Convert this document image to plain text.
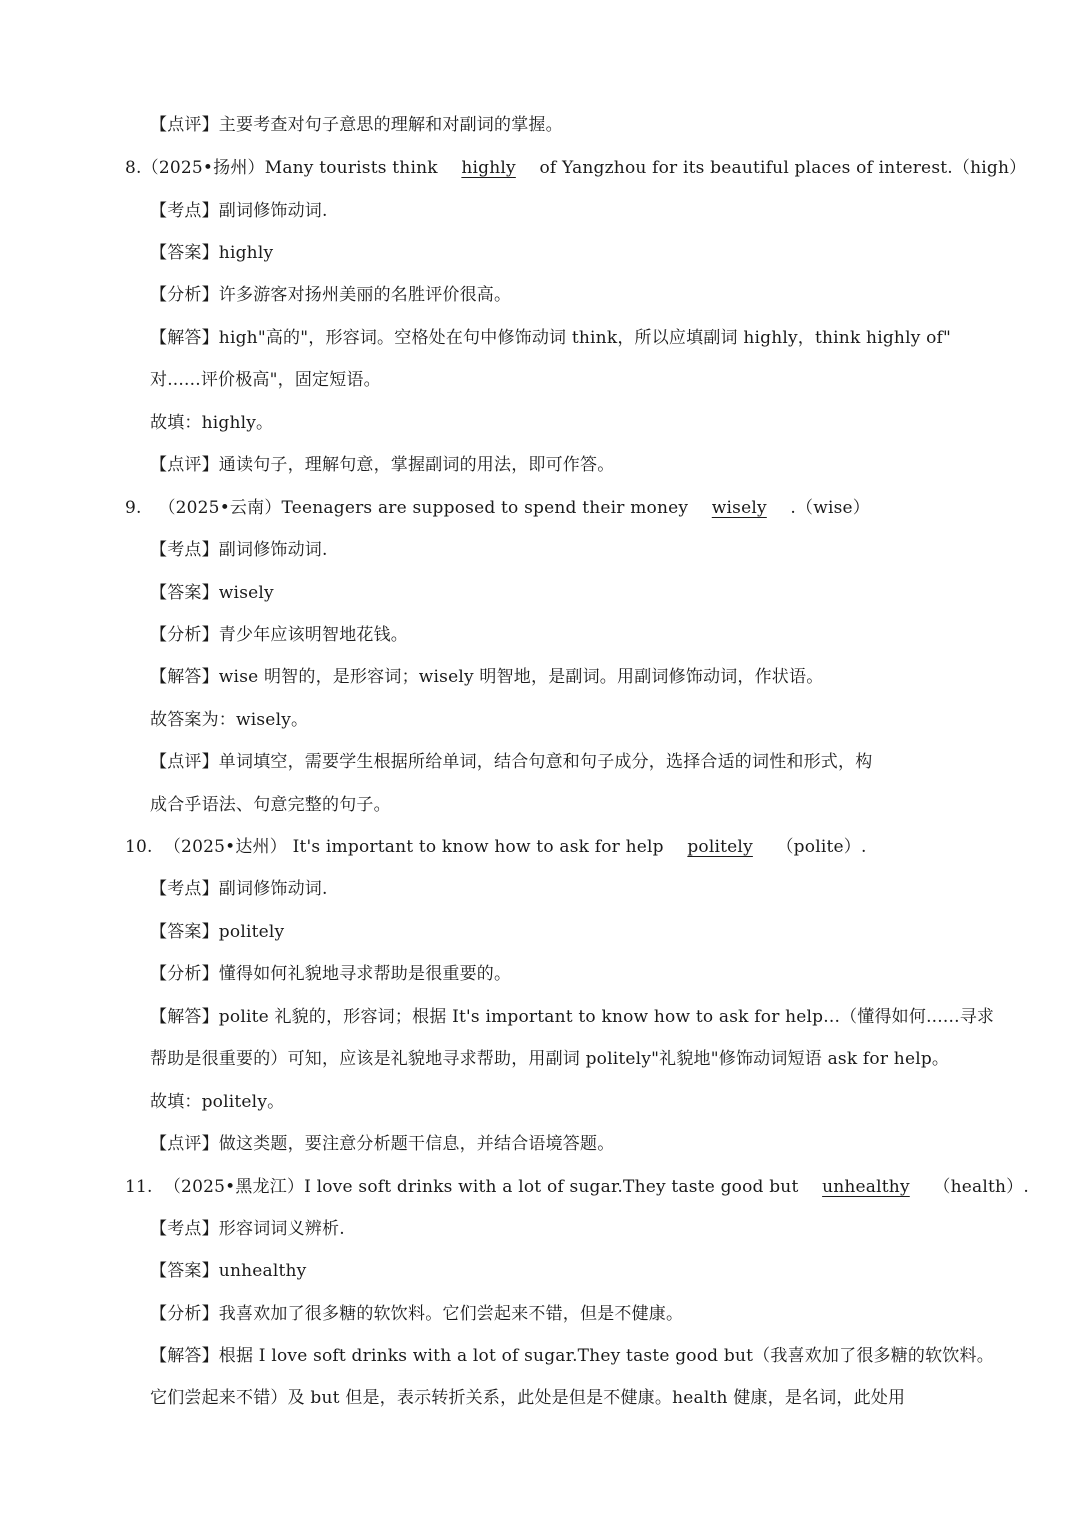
【点评】主要考查对句子意思的理解和对副词的掌握。
8.（2025•扬州）Many tourists think highly of Yangzhou for its beautiful places of interest.（high）
【考点】副词修饰动词.
【答案】highly
【分析】许多游客对扬州美丽的名胜评价很高。
【解答】high"高的"，形容词。空格处在句中修饰动词 think，所以应填副词 highly，think highly of"
对......评价极高"，固定短语。
故填：highly。
【点评】通读句子，理解句意，掌握副词的用法，即可作答。
9. （2025•云南）Teenagers are supposed to spend their money wisely .（wise）
【考点】副词修饰动词.
【答案】wisely
【分析】青少年应该明智地花钱。
【解答】wise 明智的，是形容词；wisely 明智地，是副词。用副词修饰动词，作状语。
故答案为：wisely。
【点评】单词填空，需要学生根据所给单词，结合句意和句子成分，选择合适的词性和形式，构
成合乎语法、句意完整的句子。
10. （2025•达州） It's important to know how to ask for help politely （polite）.
【考点】副词修饰动词.
【答案】politely
【分析】懂得如何礼貌地寻求帮助是很重要的。
【解答】polite 礼貌的，形容词；根据 It's important to know how to ask for help...（懂得如何......寻求
帮助是很重要的）可知，应该是礼貌地寻求帮助，用副词 politely"礼貌地"修饰动词短语 ask for help。
故填：politely。
【点评】做这类题，要注意分析题干信息，并结合语境答题。
11. （2025•黑龙江）I love soft drinks with a lot of sugar.They taste good but unhealthy （health）.
【考点】形容词词义辨析.
【答案】unhealthy
【分析】我喜欢加了很多糖的软饮料。它们尝起来不错，但是不健康。
【解答】根据 I love soft drinks with a lot of sugar.They taste good but（我喜欢加了很多糖的软饮料。
它们尝起来不错）及 but 但是，表示转折关系，此处是但是不健康。health 健康，是名词，此处用
